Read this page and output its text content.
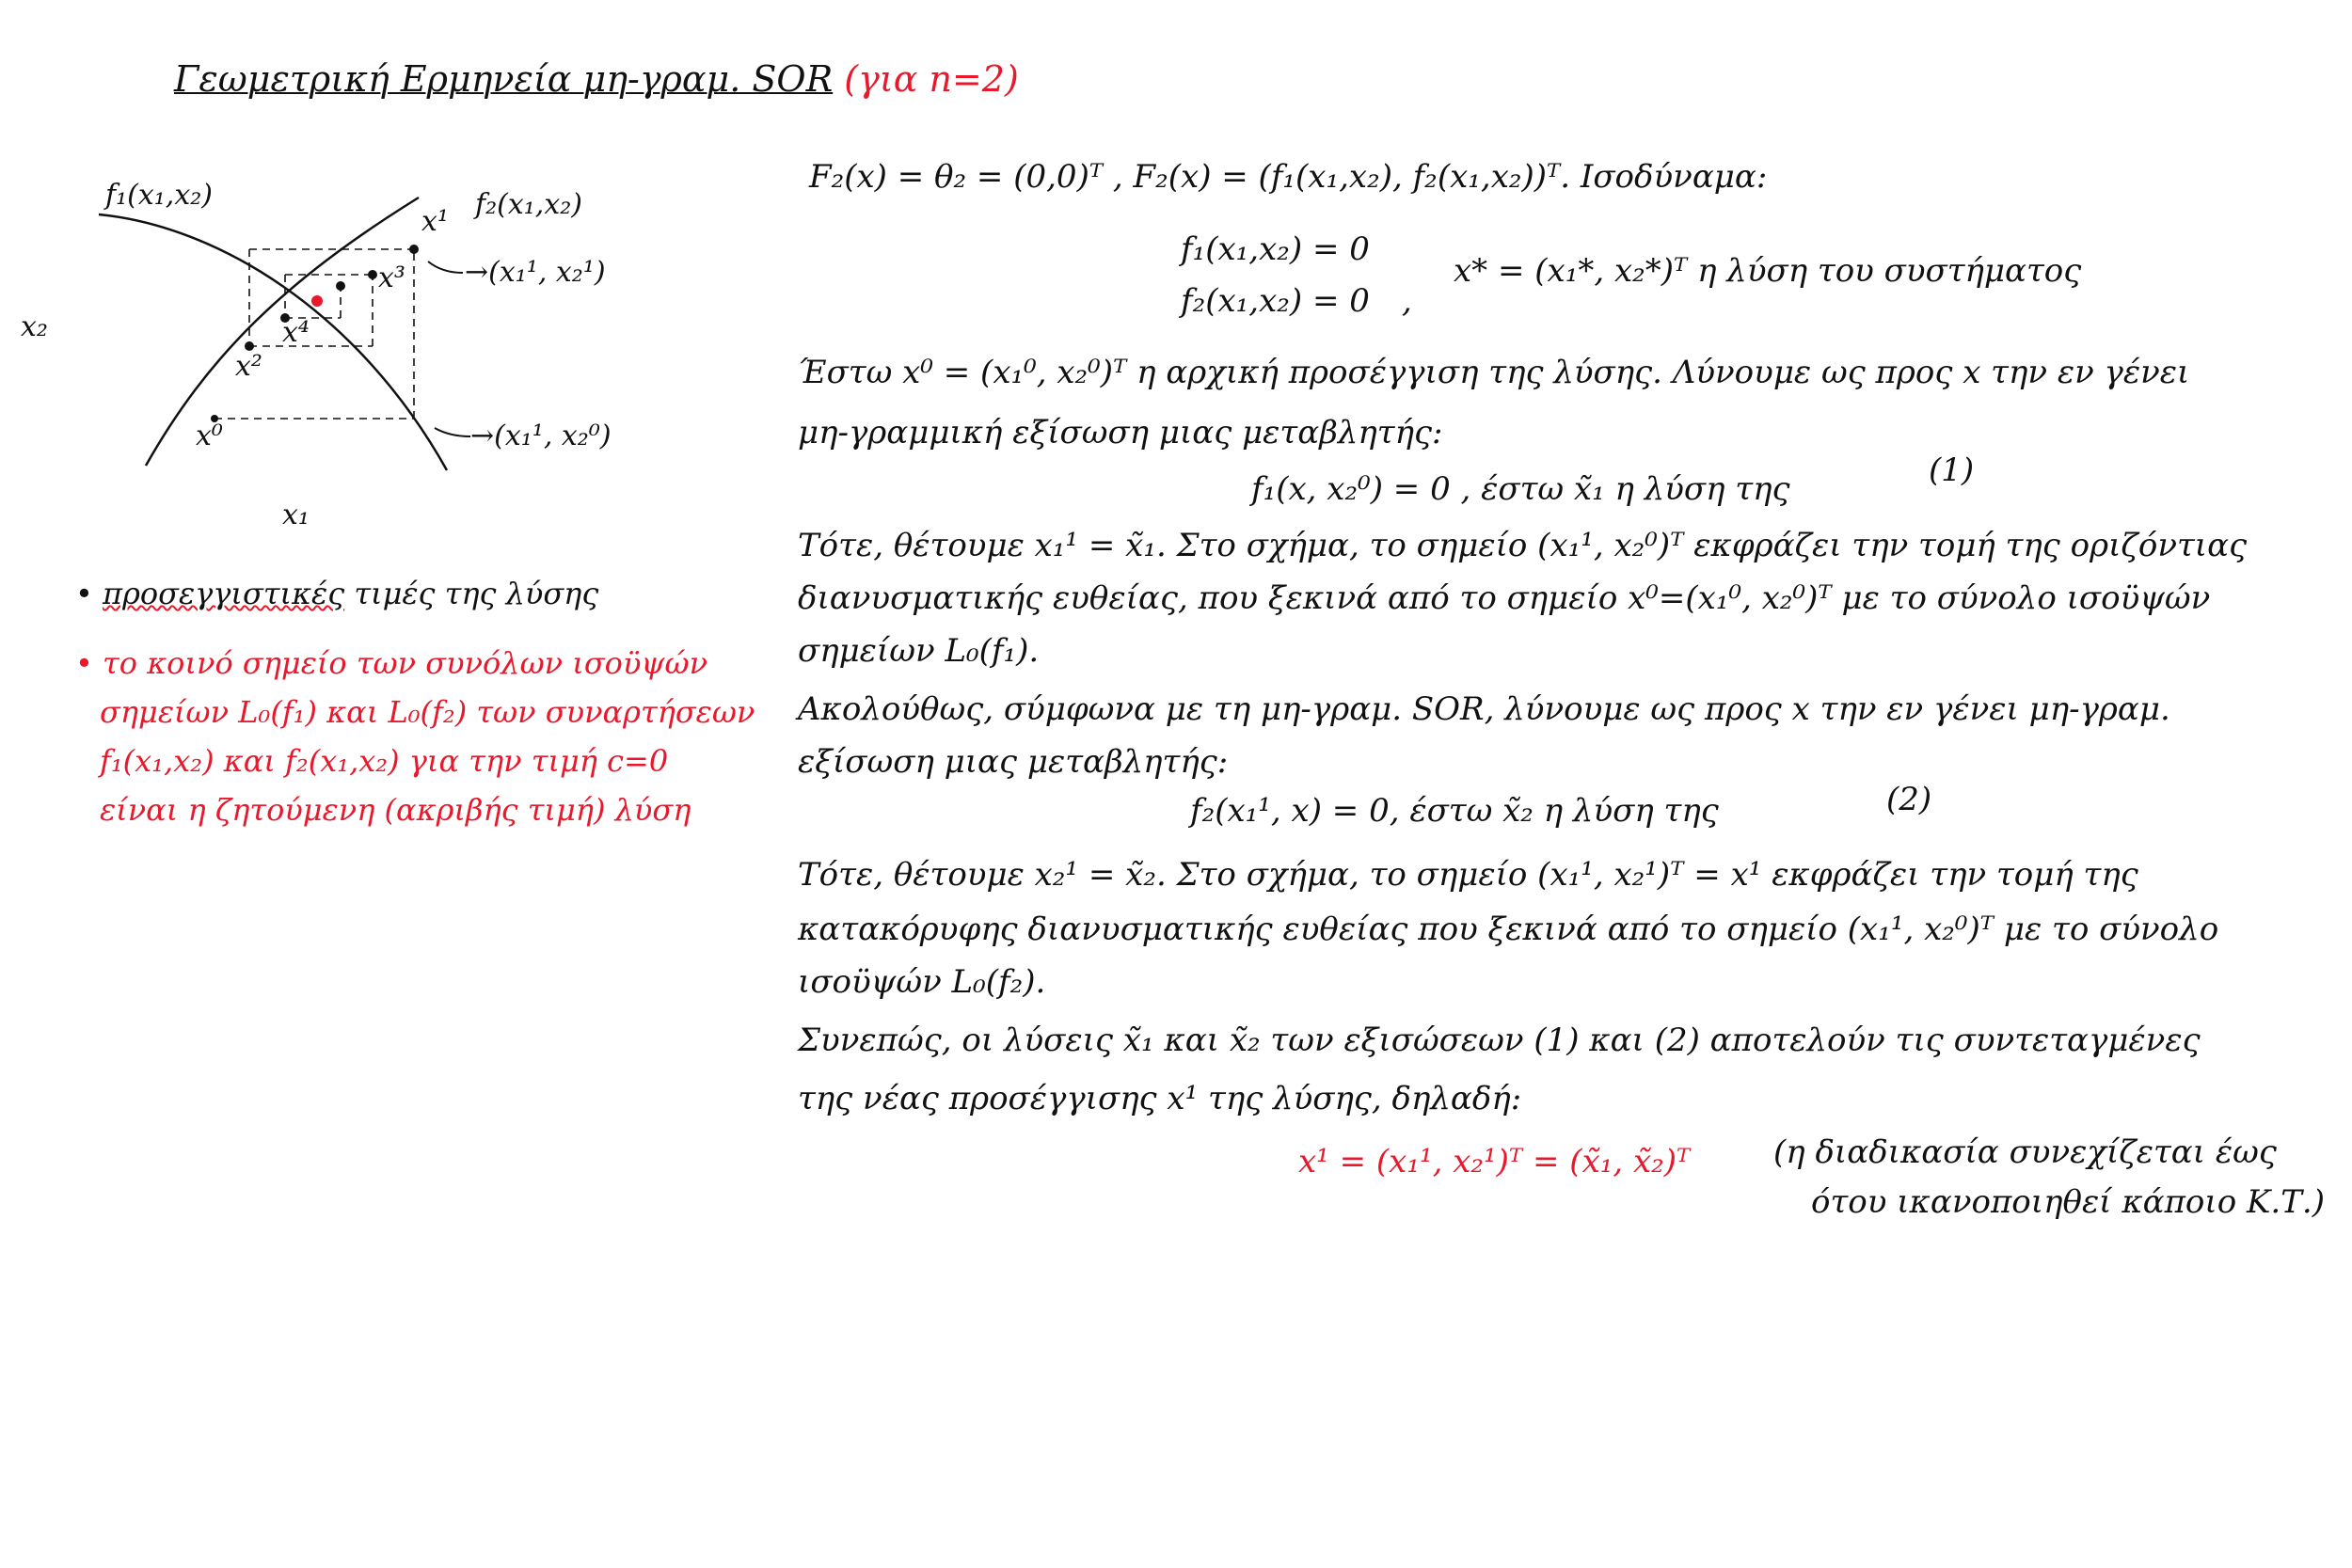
Γεωμετρική Ερμηνεία μη-γραμ. SOR (για n=2)
f₁(x₁,x₂)	f₂(x₁,x₂)
x₂
x₁
x¹
x³
x⁴
x²
x⁰
→(x₁¹, x₂¹)
→(x₁¹, x₂⁰)
• προσεγγιστικές τιμές της λύσης
• το κοινό σημείο των συνόλων ισοϋψών
σημείων L₀(f₁) και L₀(f₂) των συναρτήσεων
f₁(x₁,x₂) και f₂(x₁,x₂) για την τιμή c=0
είναι η ζητούμενη (ακριβής τιμή) λύση
F₂(x) = θ₂ = (0,0)ᵀ , F₂(x) = (f₁(x₁,x₂), f₂(x₁,x₂))ᵀ. Ισοδύναμα:
f₁(x₁,x₂) = 0
f₂(x₁,x₂) = 0 ,
x* = (x₁*, x₂*)ᵀ η λύση του συστήματος
Έστω x⁰ = (x₁⁰, x₂⁰)ᵀ η αρχική προσέγγιση της λύσης. Λύνουμε ως προς x την εν γένει
μη-γραμμική εξίσωση μιας μεταβλητής:
f₁(x, x₂⁰) = 0 , έστω x̃₁ η λύση της	(1)
Τότε, θέτουμε x₁¹ = x̃₁. Στο σχήμα, το σημείο (x₁¹, x₂⁰)ᵀ εκφράζει την τομή της οριζόντιας
διανυσματικής ευθείας, που ξεκινά από το σημείο x⁰=(x₁⁰, x₂⁰)ᵀ με το σύνολο ισοϋψών
σημείων L₀(f₁).
Ακολούθως, σύμφωνα με τη μη-γραμ. SOR, λύνουμε ως προς x την εν γένει μη-γραμ.
εξίσωση μιας μεταβλητής:
f₂(x₁¹, x) = 0, έστω x̃₂ η λύση της	(2)
Τότε, θέτουμε x₂¹ = x̃₂. Στο σχήμα, το σημείο (x₁¹, x₂¹)ᵀ = x¹ εκφράζει την τομή της
κατακόρυφης διανυσματικής ευθείας που ξεκινά από το σημείο (x₁¹, x₂⁰)ᵀ με το σύνολο
ισοϋψών L₀(f₂).
Συνεπώς, οι λύσεις x̃₁ και x̃₂ των εξισώσεων (1) και (2) αποτελούν τις συντεταγμένες
της νέας προσέγγισης x¹ της λύσης, δηλαδή:
x¹ = (x₁¹, x₂¹)ᵀ = (x̃₁, x̃₂)ᵀ	(η διαδικασία συνεχίζεται έως
ότου ικανοποιηθεί κάποιο Κ.Τ.)
